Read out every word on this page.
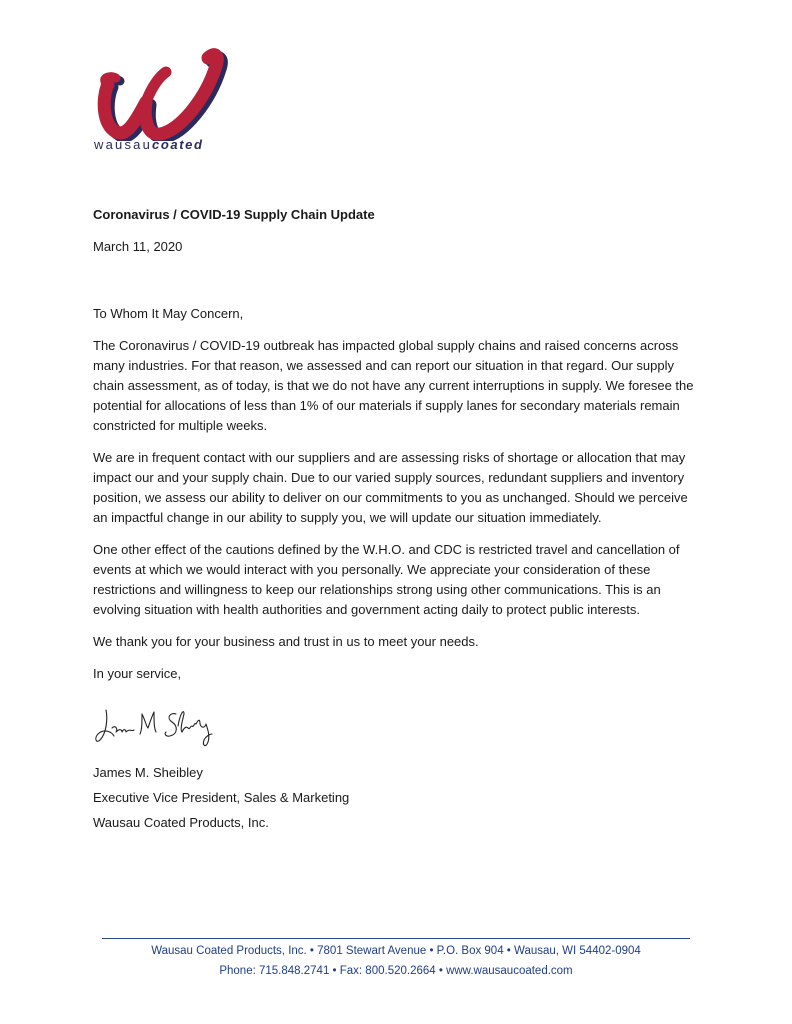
wausaucoated

Coronavirus / COVID-19 Supply Chain Update

March 11, 2020

To Whom It May Concern,

The Coronavirus / COVID-19 outbreak has impacted global supply chains and raised concerns across many industries. For that reason, we assessed and can report our situation in that regard. Our supply chain assessment, as of today, is that we do not have any current interruptions in supply. We foresee the potential for allocations of less than 1% of our materials if supply lanes for secondary materials remain constricted for multiple weeks.

We are in frequent contact with our suppliers and are assessing risks of shortage or allocation that may impact our and your supply chain. Due to our varied supply sources, redundant suppliers and inventory position, we assess our ability to deliver on our commitments to you as unchanged. Should we perceive an impactful change in our ability to supply you, we will update our situation immediately.

One other effect of the cautions defined by the W.H.O. and CDC is restricted travel and cancellation of events at which we would interact with you personally. We appreciate your consideration of these restrictions and willingness to keep our relationships strong using other communications. This is an evolving situation with health authorities and government acting daily to protect public interests.

We thank you for your business and trust in us to meet your needs.

In your service,

James M. Sheibley
Executive Vice President, Sales & Marketing
Wausau Coated Products, Inc.
Wausau Coated Products, Inc. • 7801 Stewart Avenue • P.O. Box 904 • Wausau, WI 54402-0904
Phone: 715.848.2741 • Fax: 800.520.2664 • www.wausaucoated.com
